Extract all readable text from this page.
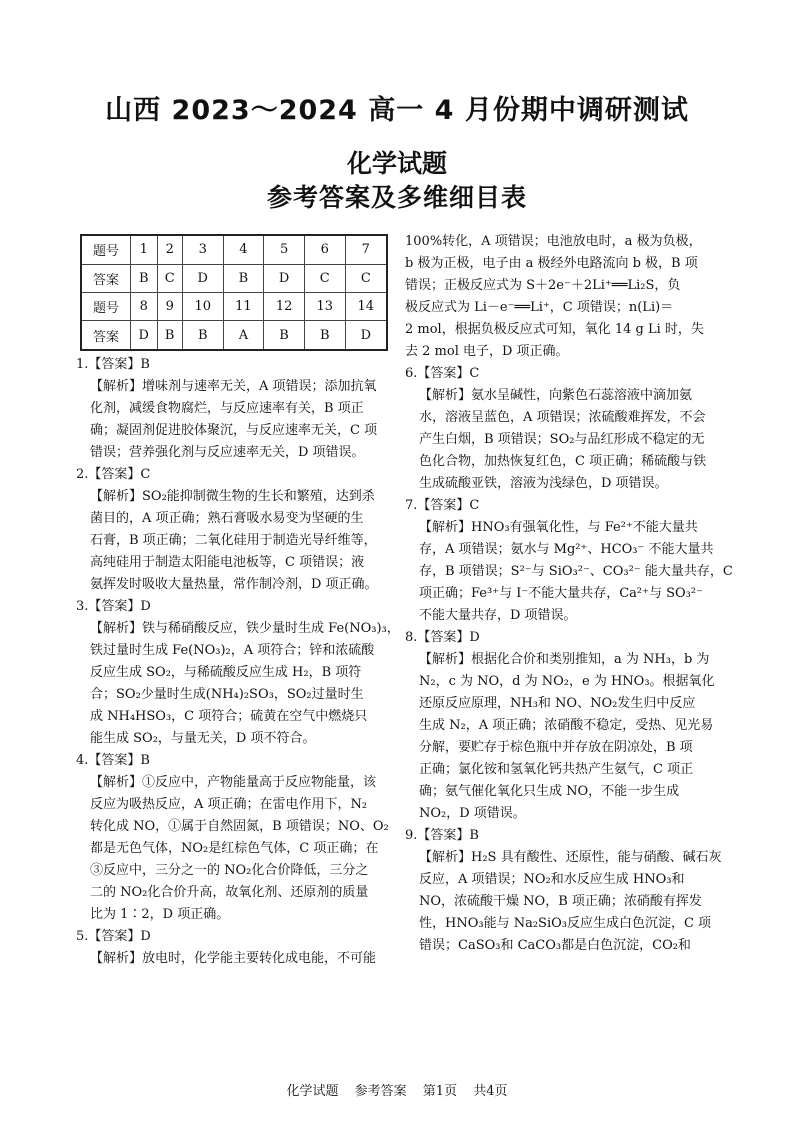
山西 2023～2024 高一 4 月份期中调研测试
化学试题
参考答案及多维细目表
题号	1	2	3	4	5	6	7
答案	B	C	D	B	D	C	C
题号	8	9	10	11	12	13	14
答案	D	B	B	A	B	B	D

1.【答案】B

【解析】增味剂与速率无关，A 项错误；添加抗氧
化剂，减缓食物腐烂，与反应速率有关，B 项正
确；凝固剂促进胶体聚沉，与反应速率无关，C 项
错误；营养强化剂与反应速率无关，D 项错误。

2.【答案】C

【解析】SO₂能抑制微生物的生长和繁殖，达到杀
菌目的，A 项正确；熟石膏吸水易变为坚硬的生
石膏，B 项正确；二氧化硅用于制造光导纤维等，
高纯硅用于制造太阳能电池板等，C 项错误；液
氨挥发时吸收大量热量，常作制冷剂，D 项正确。

3.【答案】D

【解析】铁与稀硝酸反应，铁少量时生成 Fe(NO₃)₃，
铁过量时生成 Fe(NO₃)₂，A 项符合；锌和浓硫酸
反应生成 SO₂，与稀硫酸反应生成 H₂，B 项符
合；SO₂少量时生成(NH₄)₂SO₃，SO₂过量时生
成 NH₄HSO₃，C 项符合；硫黄在空气中燃烧只
能生成 SO₂，与量无关，D 项不符合。

4.【答案】B

【解析】①反应中，产物能量高于反应物能量，该
反应为吸热反应，A 项正确；在雷电作用下，N₂
转化成 NO，①属于自然固氮，B 项错误；NO、O₂
都是无色气体，NO₂是红棕色气体，C 项正确；在
③反应中，三分之一的 NO₂化合价降低，三分之
二的 NO₂化合价升高，故氧化剂、还原剂的质量
比为 1∶2，D 项正确。

5.【答案】D

【解析】放电时，化学能主要转化成电能，不可能
100%转化，A 项错误；电池放电时，a 极为负极，
b 极为正极，电子由 a 极经外电路流向 b 极，B 项
错误；正极反应式为 S＋2e⁻＋2Li⁺══Li₂S，负
极反应式为 Li－e⁻══Li⁺，C 项错误；n(Li)＝
2 mol，根据负极反应式可知，氧化 14 g Li 时，失
去 2 mol 电子，D 项正确。

6.【答案】C

【解析】氨水呈碱性，向紫色石蕊溶液中滴加氨
水，溶液呈蓝色，A 项错误；浓硫酸难挥发，不会
产生白烟，B 项错误；SO₂与品红形成不稳定的无
色化合物，加热恢复红色，C 项正确；稀硫酸与铁
生成硫酸亚铁，溶液为浅绿色，D 项错误。

7.【答案】C

【解析】HNO₃有强氧化性，与 Fe²⁺不能大量共
存，A 项错误；氨水与 Mg²⁺、HCO₃⁻ 不能大量共
存，B 项错误；S²⁻与 SiO₃²⁻、CO₃²⁻ 能大量共存，C
项正确；Fe³⁺与 I⁻不能大量共存，Ca²⁺与 SO₃²⁻
不能大量共存，D 项错误。

8.【答案】D

【解析】根据化合价和类别推知，a 为 NH₃，b 为
N₂，c 为 NO，d 为 NO₂，e 为 HNO₃。根据氧化
还原反应原理，NH₃和 NO、NO₂发生归中反应
生成 N₂，A 项正确；浓硝酸不稳定，受热、见光易
分解，要贮存于棕色瓶中并存放在阴凉处，B 项
正确；氯化铵和氢氧化钙共热产生氨气，C 项正
确；氨气催化氧化只生成 NO，不能一步生成
NO₂，D 项错误。

9.【答案】B

【解析】H₂S 具有酸性、还原性，能与硝酸、碱石灰
反应，A 项错误；NO₂和水反应生成 HNO₃和
NO，浓硫酸干燥 NO，B 项正确；浓硝酸有挥发
性，HNO₃能与 Na₂SiO₃反应生成白色沉淀，C 项
错误；CaSO₃和 CaCO₃都是白色沉淀，CO₂和
化学试题 参考答案 第1页 共4页
